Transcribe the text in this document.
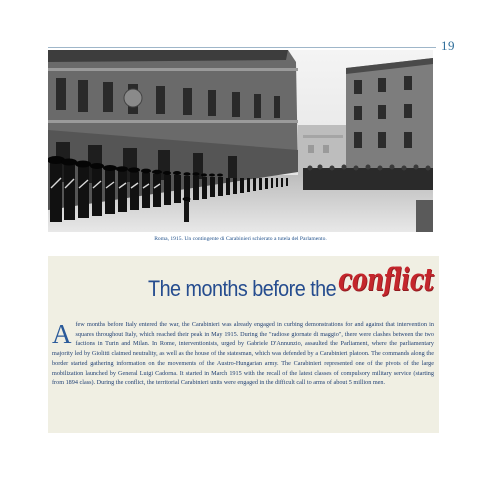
19
Roma, 1915. Un contingente di Carabinieri schierato a tutela del Parlamento.
The months before the conflict
A few months before Italy entered the war, the Carabinieri was already engaged in curbing demonstrations for and against that intervention in squares throughout Italy, which reached their peak in May 1915. During the "radiose giornate di maggio", there were clashes between the two factions in Turin and Milan. In Rome, interventionists, urged by Gabriele D'Annunzio, assaulted the Parliament, where the parliamentary majority led by Giolitti claimed neutrality, as well as the house of the statesman, which was defended by a Carabinieri platoon. The commands along the border started gathering information on the movements of the Austro-Hungarian army. The Carabinieri represented one of the pivots of the large mobilization launched by General Luigi Cadorna. It started in March 1915 with the recall of the latest classes of compulsory military service (starting from 1894 class). During the conflict, the territorial Carabinieri units were engaged in the difficult call to arms of about 5 million men.
